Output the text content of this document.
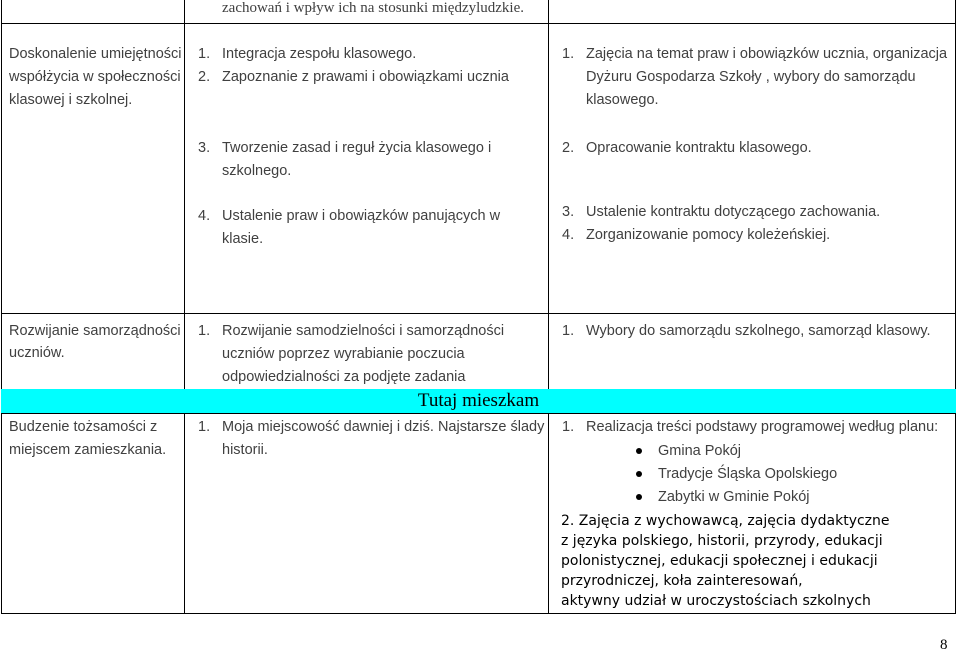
zachowań i wpływ ich na stosunki międzyludzkie.
Doskonalenie umiejętności
współżycia w społeczności
klasowej i szkolnej.
1. Integracja zespołu klasowego.
2. Zapoznanie z prawami i obowiązkami ucznia
3. Tworzenie zasad i reguł życia klasowego i
szkolnego.
4. Ustalenie praw i obowiązków panujących w
klasie.
1. Zajęcia na temat praw i obowiązków ucznia, organizacja
Dyżuru Gospodarza Szkoły , wybory do samorządu
klasowego.
2. Opracowanie kontraktu klasowego.
3. Ustalenie kontraktu dotyczącego zachowania.
4. Zorganizowanie pomocy koleżeńskiej.
Rozwijanie samorządności
uczniów.
1. Rozwijanie samodzielności i samorządności
uczniów poprzez wyrabianie poczucia
odpowiedzialności za podjęte zadania
1. Wybory do samorządu szkolnego, samorząd klasowy.
Tutaj mieszkam
Budzenie tożsamości z
miejscem zamieszkania.
1. Moja miejscowość dawniej i dziś. Najstarsze ślady
historii.
1. Realizacja treści podstawy programowej według planu:
Gmina Pokój
Tradycje Śląska Opolskiego
Zabytki w Gminie Pokój
2. Zajęcia z wychowawcą, zajęcia dydaktyczne
z języka polskiego, historii, przyrody, edukacji
polonistycznej, edukacji społecznej i edukacji
przyrodniczej, koła zainteresowań,
aktywny udział w uroczystościach szkolnych
8
